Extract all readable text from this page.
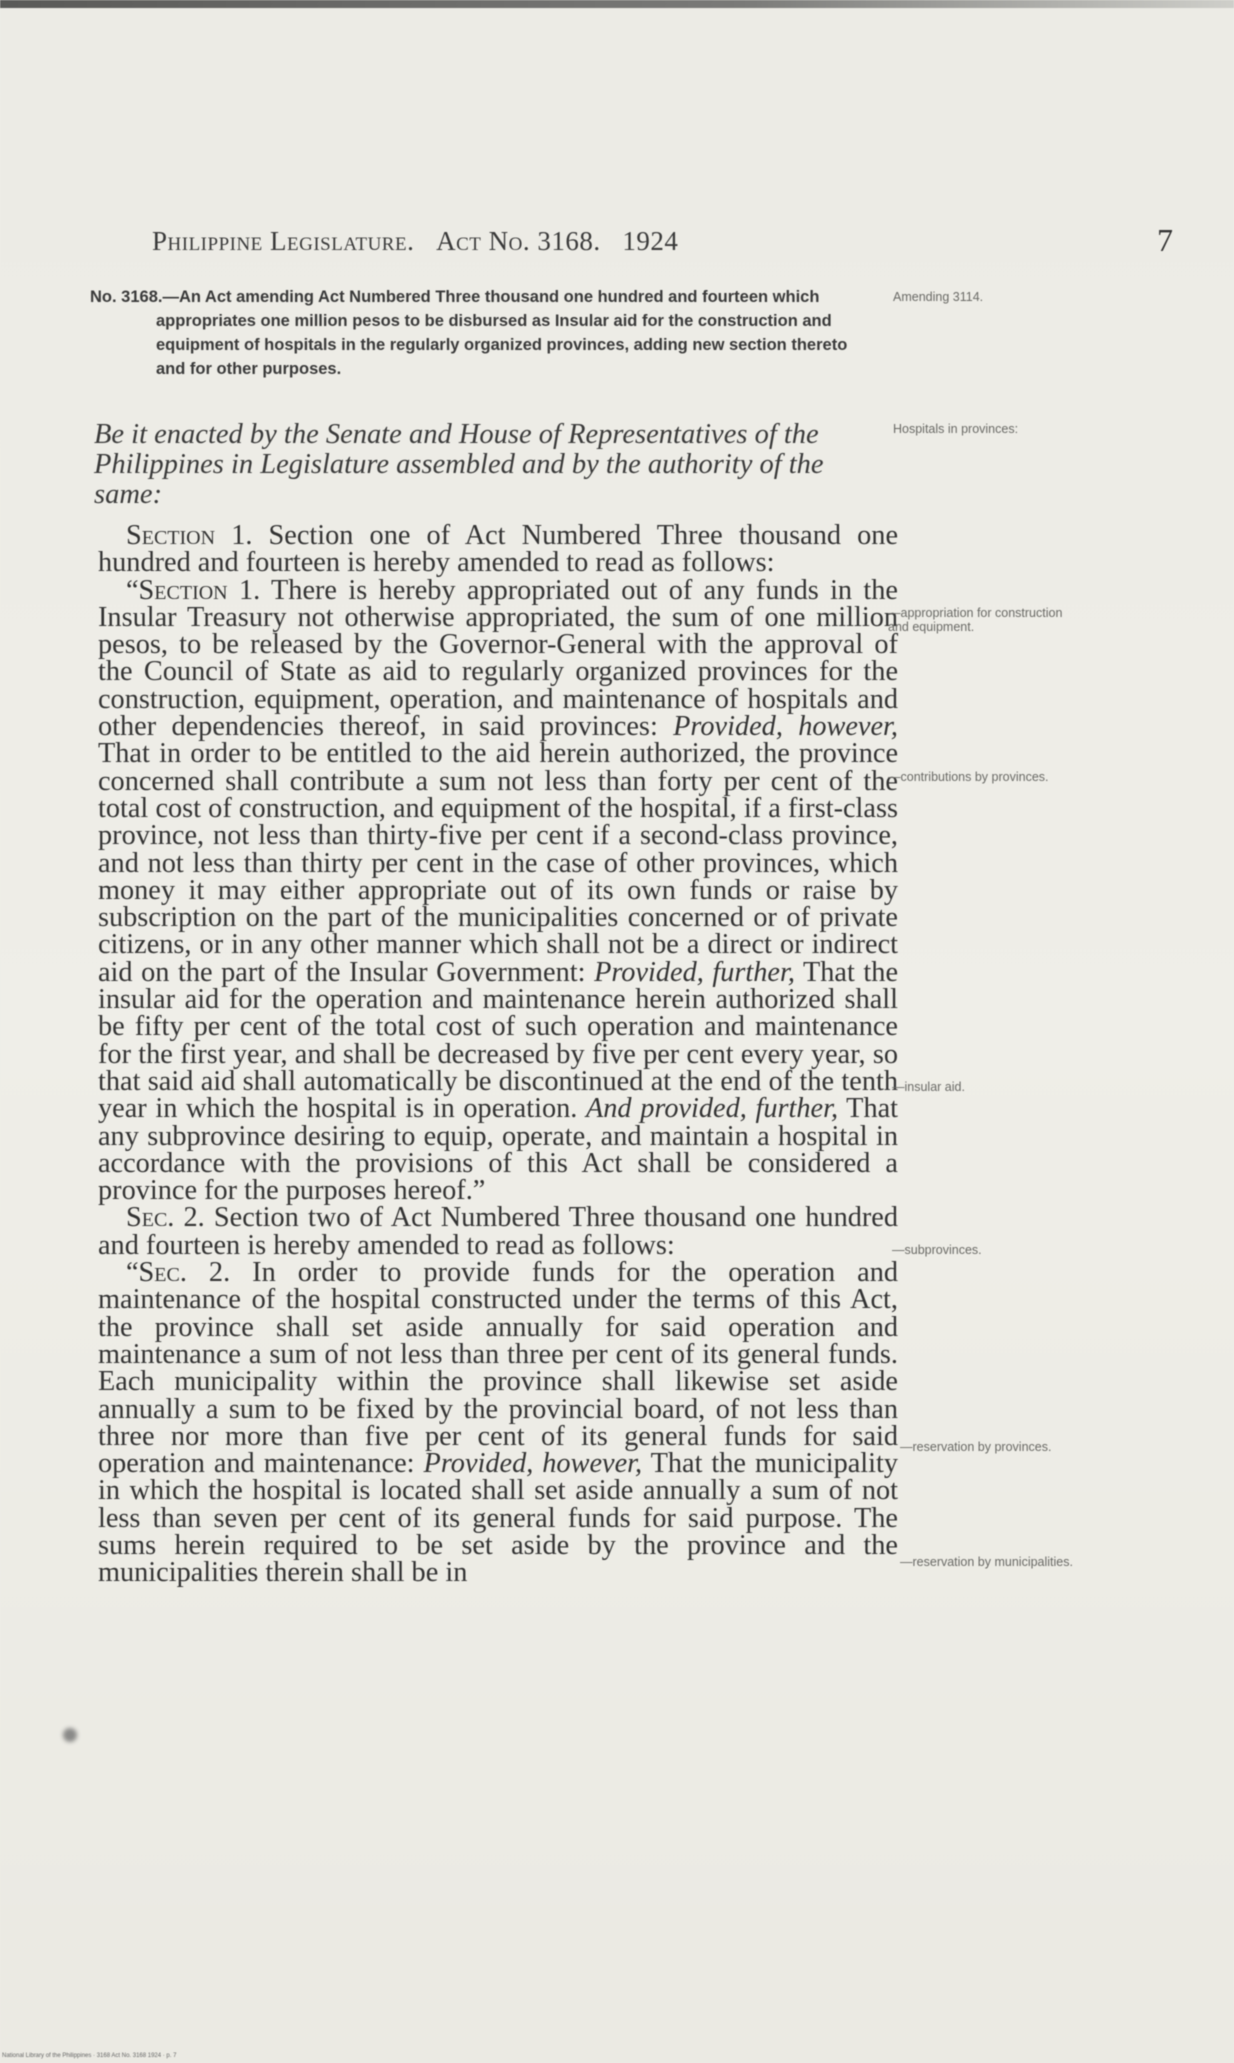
Philippine Legislature. Act No. 3168. 1924	7
No. 3168.—An Act amending Act Numbered Three thousand one hundred and fourteen which appropriates one million pesos to be disbursed as Insular aid for the construction and equipment of hospitals in the regularly organized provinces, adding new section thereto and for other purposes.
Be it enacted by the Senate and House of Representatives of the Philippines in Legislature assembled and by the authority of the same:

Section 1. Section one of Act Numbered Three thousand one hundred and fourteen is hereby amended to read as follows:

“Section 1. There is hereby appropriated out of any funds in the Insular Treasury not otherwise appropriated, the sum of one million pesos, to be released by the Governor-General with the approval of the Council of State as aid to regularly organized provinces for the construction, equipment, operation, and maintenance of hospitals and other dependencies thereof, in said provinces: Provided, however, That in order to be entitled to the aid herein authorized, the province concerned shall contribute a sum not less than forty per cent of the total cost of construction, and equipment of the hospital, if a first-class province, not less than thirty-five per cent if a second-class province, and not less than thirty per cent in the case of other provinces, which money it may either appropriate out of its own funds or raise by subscription on the part of the municipalities concerned or of private citizens, or in any other manner which shall not be a direct or indirect aid on the part of the Insular Government: Provided, further, That the insular aid for the operation and maintenance herein authorized shall be fifty per cent of the total cost of such operation and maintenance for the first year, and shall be decreased by five per cent every year, so that said aid shall automatically be discontinued at the end of the tenth year in which the hospital is in operation. And provided, further, That any subprovince desiring to equip, operate, and maintain a hospital in accordance with the provisions of this Act shall be considered a province for the purposes hereof.”

Sec. 2. Section two of Act Numbered Three thousand one hundred and fourteen is hereby amended to read as follows:

“Sec. 2. In order to provide funds for the operation and maintenance of the hospital constructed under the terms of this Act, the province shall set aside annually for said operation and maintenance a sum of not less than three per cent of its general funds. Each municipality within the province shall likewise set aside annually a sum to be fixed by the provincial board, of not less than three nor more than five per cent of its general funds for said operation and maintenance: Provided, however, That the municipality in which the hospital is located shall set aside annually a sum of not less than seven per cent of its general funds for said purpose. The sums herein required to be set aside by the province and the municipalities therein shall be in

Amending 3114.
Hospitals in provinces:
—appropriation for construction and equipment.
—contributions by provinces.
—insular aid.
—subprovinces.
—reservation by provinces.
—reservation by municipalities.
National Library of the Philippines · 3168 Act No. 3168 1924 · p. 7
